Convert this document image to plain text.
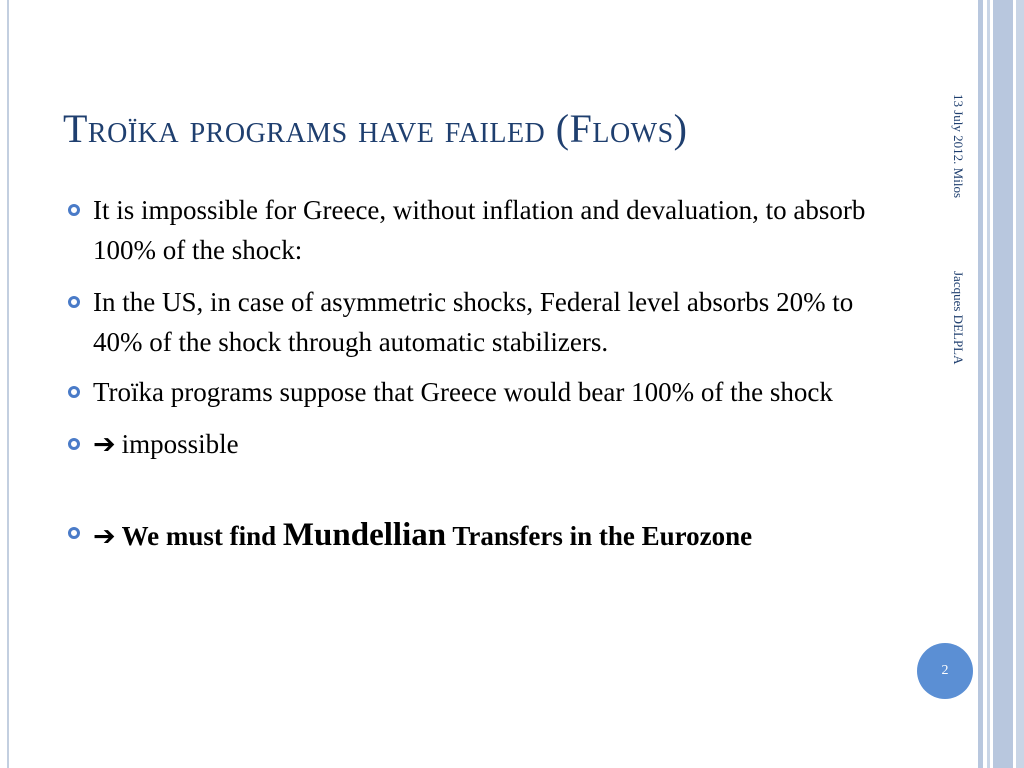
Troïka programs have failed (Flows)	13 July 2012. Milos
Jacques DELPLA
It is impossible for Greece, without inflation and devaluation, to absorb 100% of the shock:
In the US, in case of asymmetric shocks, Federal level absorbs 20% to 40% of the shock through automatic stabilizers.
Troïka programs suppose that Greece would bear 100% of the shock
➔ impossible
➔ We must find Mundellian Transfers in the Eurozone
2
